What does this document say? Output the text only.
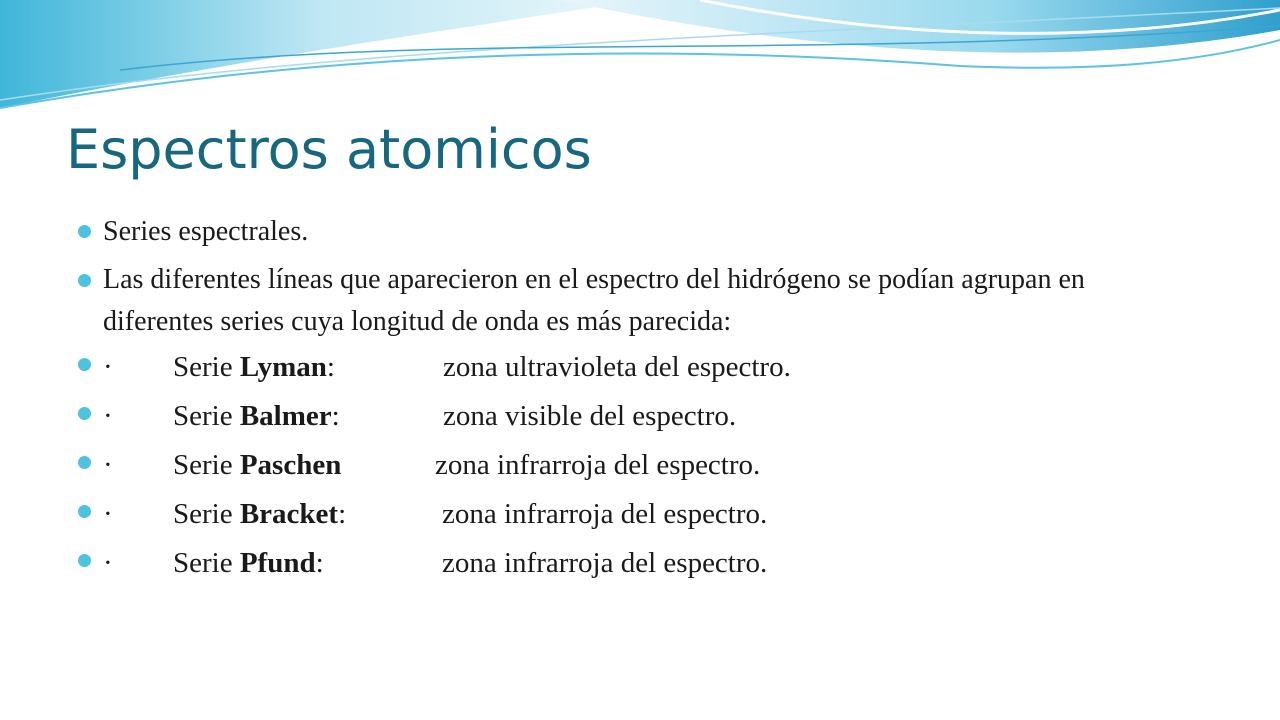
Espectros atomicos
Series espectrales.
Las diferentes líneas que aparecieron en el espectro del hidrógeno se podían agrupan en diferentes series cuya longitud de onda es más parecida:
·	Serie Lyman:	zona ultravioleta del espectro.
·	Serie Balmer:	zona visible del espectro.
·	Serie Paschen	zona infrarroja del espectro.
·	Serie Bracket:	zona infrarroja del espectro.
·	Serie Pfund:	zona infrarroja del espectro.
